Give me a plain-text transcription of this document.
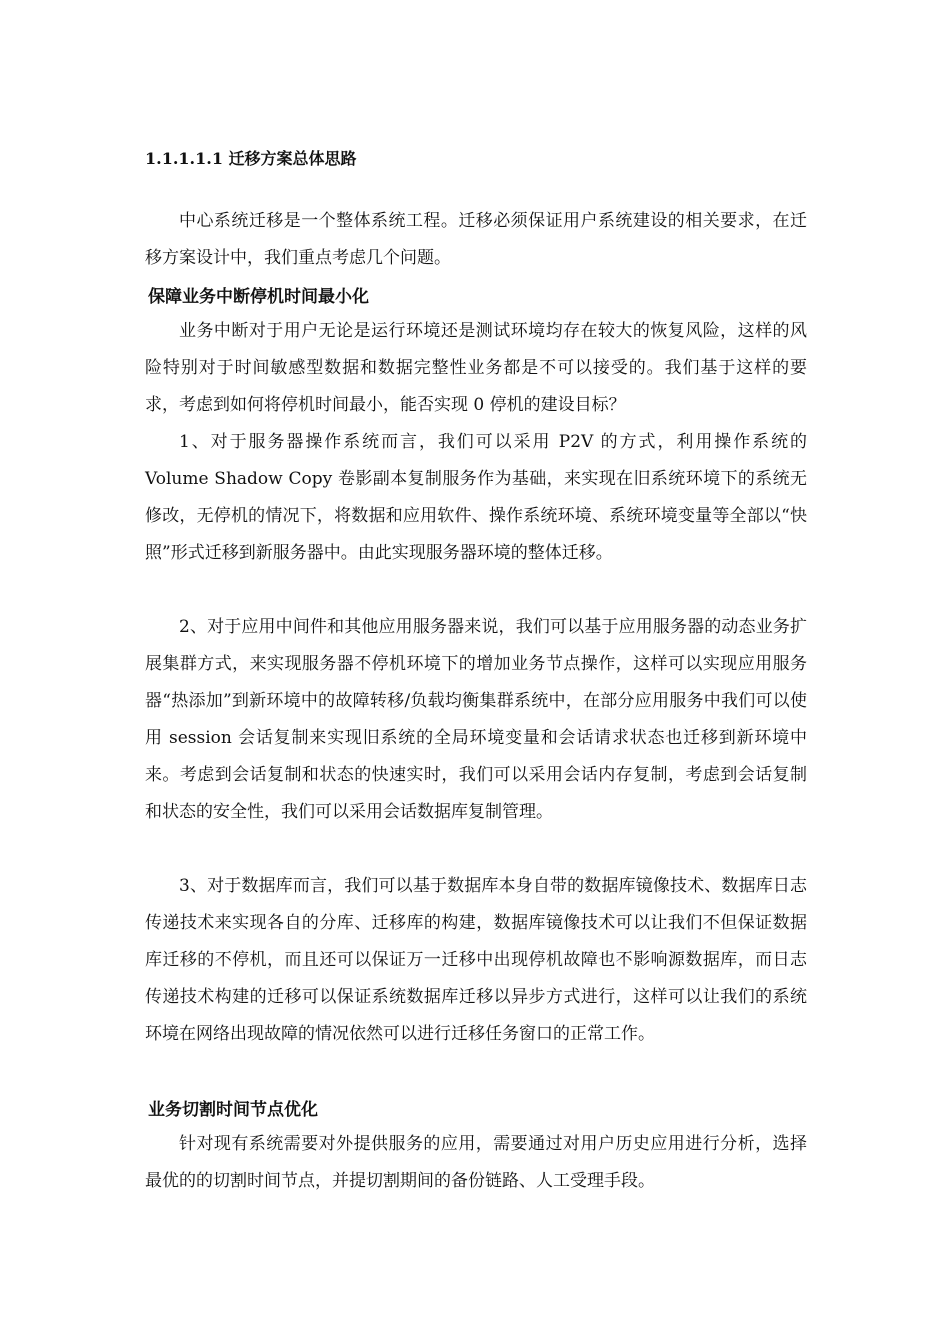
1.1.1.1.1 迁移方案总体思路

中心系统迁移是一个整体系统工程。迁移必须保证用户系统建设的相关要求，在迁移方案设计中，我们重点考虑几个问题。

保障业务中断停机时间最小化

业务中断对于用户无论是运行环境还是测试环境均存在较大的恢复风险，这样的风险特别对于时间敏感型数据和数据完整性业务都是不可以接受的。我们基于这样的要求，考虑到如何将停机时间最小，能否实现 0 停机的建设目标？

1、对于服务器操作系统而言，我们可以采用 P2V 的方式，利用操作系统的 Volume Shadow Copy 卷影副本复制服务作为基础，来实现在旧系统环境下的系统无修改，无停机的情况下，将数据和应用软件、操作系统环境、系统环境变量等全部以“快照”形式迁移到新服务器中。由此实现服务器环境的整体迁移。

2、对于应用中间件和其他应用服务器来说，我们可以基于应用服务器的动态业务扩展集群方式，来实现服务器不停机环境下的增加业务节点操作，这样可以实现应用服务器“热添加”到新环境中的故障转移/负载均衡集群系统中，在部分应用服务中我们可以使用 session 会话复制来实现旧系统的全局环境变量和会话请求状态也迁移到新环境中来。考虑到会话复制和状态的快速实时，我们可以采用会话内存复制，考虑到会话复制和状态的安全性，我们可以采用会话数据库复制管理。

3、对于数据库而言，我们可以基于数据库本身自带的数据库镜像技术、数据库日志传递技术来实现各自的分库、迁移库的构建，数据库镜像技术可以让我们不但保证数据库迁移的不停机，而且还可以保证万一迁移中出现停机故障也不影响源数据库，而日志传递技术构建的迁移可以保证系统数据库迁移以异步方式进行，这样可以让我们的系统环境在网络出现故障的情况依然可以进行迁移任务窗口的正常工作。

业务切割时间节点优化

针对现有系统需要对外提供服务的应用，需要通过对用户历史应用进行分析，选择最优的的切割时间节点，并提切割期间的备份链路、人工受理手段。
